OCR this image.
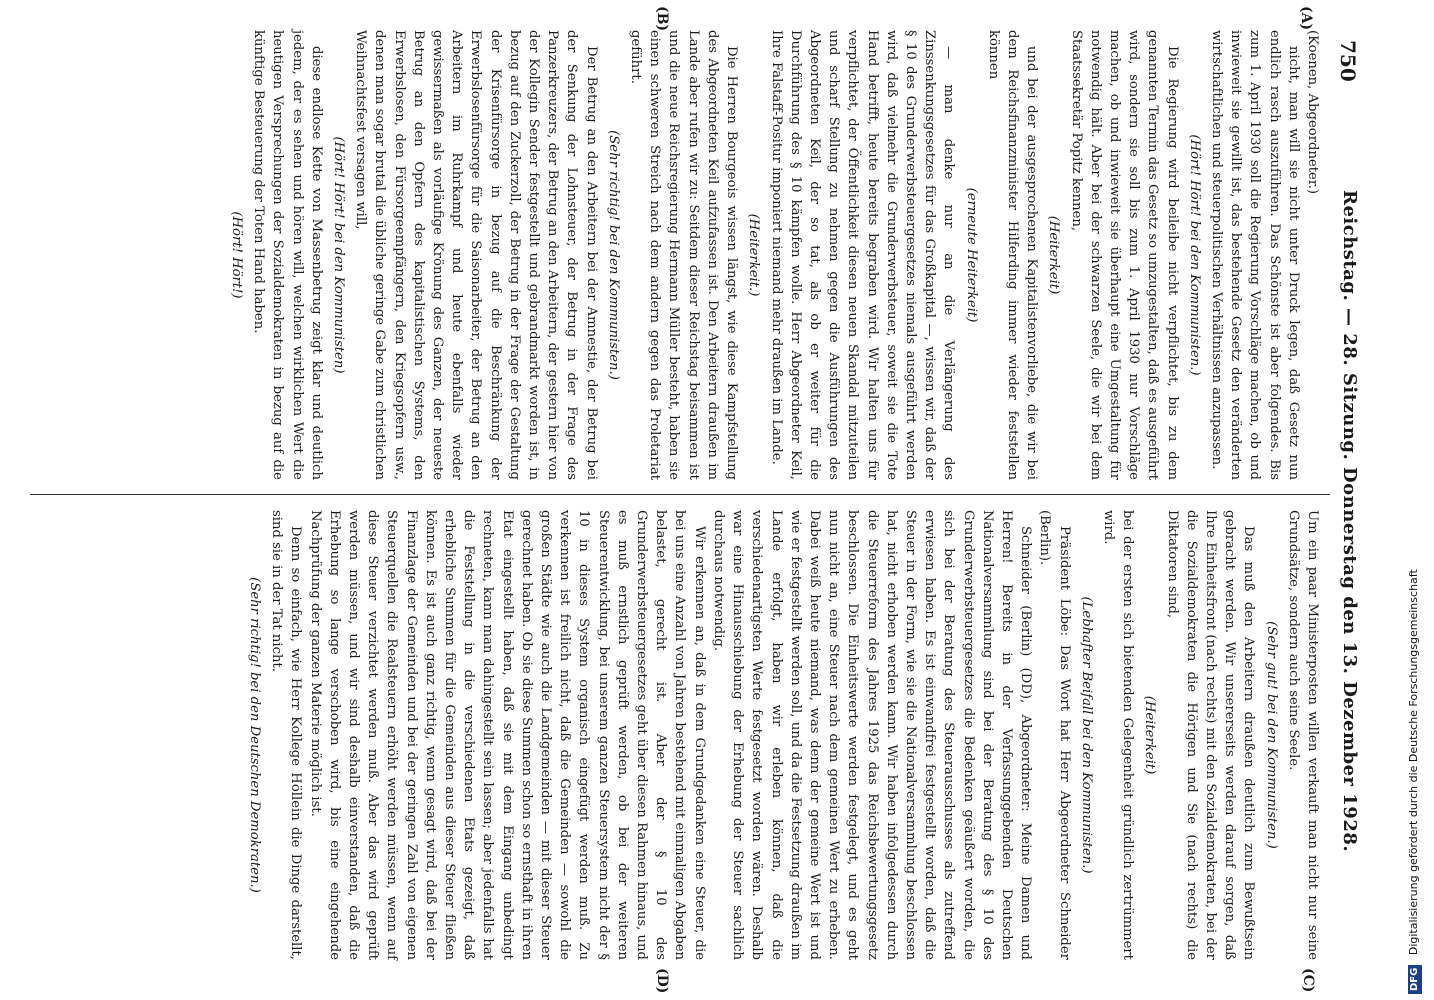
750
Reichstag. — 28. Sitzung. Donnerstag den 13. Dezember 1928.
(A)
(B)
(C)
(D)
(Koenen, Abgeordneter.)
nicht, man will sie nicht unter Druck legen, daß Gesetz nun endlich rasch auszuführen. Das Schönste ist aber folgendes. Bis zum 1. April 1930 soll die Regierung Vorschläge machen, ob und inwieweit sie gewillt ist, das bestehende Gesetz den veränderten wirtschaftlichen und steuerpolitischen Verhältnissen anzupassen.
(Hört! Hört! bei den Kommunisten.)
Die Regierung wird beileibe nicht verpflichtet, bis zu dem genannten Termin das Gesetz so umzugestalten, daß es ausgeführt wird, sondern sie soll bis zum 1. April 1930 nur Vorschläge machen, ob und inwieweit sie überhaupt eine Umgestaltung für notwendig hält. Aber bei der schwarzen Seele, die wir bei dem Staatssekretär Popitz kennen,
(Heiterkeit)
und bei der ausgesprochenen Kapitalistenvorliebe, die wir bei dem Reichsfinanzminister Hilferding immer wieder feststellen können
(erneute Heiterkeit)
— man denke nur an die Verlängerung des Zinssenkungsgesetzes für das Großkapital —, wissen wir, daß der § 10 des Grunderwerbsteuergesetzes niemals ausgeführt werden wird, daß vielmehr die Grunderwerbsteuer, soweit sie die Tote Hand betrifft, heute bereits begraben wird. Wir halten uns für verpflichtet, der Öffentlichkeit diesen neuen Skandal mitzuteilen und scharf Stellung zu nehmen gegen die Ausführungen des Abgeordneten Keil, der so tat, als ob er weiter für die Durchführung des § 10 kämpfen wolle. Herr Abgeordneter Keil, Ihre Falstaff-Positur imponiert niemand mehr draußen im Lande.
(Heiterkeit.)
Die Herren Bourgeois wissen längst, wie diese Kampfstellung des Abgeordneten Keil aufzufassen ist. Den Arbeitern draußen im Lande aber rufen wir zu: Seitdem dieser Reichstag beisammen ist und die neue Reichsregierung Hermann Müller besteht, haben sie einen schweren Streich nach dem andern gegen das Proletariat geführt.
(Sehr richtig! bei den Kommunisten.)
Der Betrug an den Arbeitern bei der Amnestie, der Betrug bei der Senkung der Lohnsteuer, der Betrug in der Frage des Panzerkreuzers, der Betrug an den Arbeitern, der gestern hier von der Kollegin Sender festgestellt und gebrandmarkt worden ist, in bezug auf den Zuckerzoll, der Betrug in der Frage der Gestaltung der Krisenfürsorge in bezug auf die Beschränkung der Erwerbslosenfürsorge für die Saisonarbeiter, der Betrug an den Arbeitern im Ruhrkampf und heute ebenfalls wieder gewissermaßen als vorläufige Krönung des Ganzen, der neueste Betrug an den Opfern des kapitalistischen Systems, den Erwerbslosen, den Fürsorgeempfängern, den Kriegsopfern usw., denen man sogar brutal die übliche geringe Gabe zum christlichen Weihnachtsfest versagen will,
(Hört! Hört! bei den Kommunisten)
diese endlose Kette von Massenbetrug zeigt klar und deutlich jedem, der es sehen und hören will, welchen wirklichen Wert die heutigen Versprechungen der Sozialdemokraten in bezug auf die künftige Besteuerung der Toten Hand haben.
(Hört! Hört!)
Um ein paar Ministerposten willen verkauft man nicht nur seine Grundsätze, sondern auch seine Seele.
(Sehr gut! bei den Kommunisten.)
Das muß den Arbeitern draußen deutlich zum Bewußtsein gebracht werden. Wir unsererseits werden darauf sorgen, daß Ihre Einheitsfront (nach rechts) mit den Sozialdemokraten, bei der die Sozialdemokraten die Hörigen und Sie (nach rechts) die Diktatoren sind,
(Heiterkeit)
bei der ersten sich bietenden Gelegenheit gründlich zertrümmert wird.
(Lebhafter Beifall bei den Kommunisten.)
Präsident Löbe: Das Wort hat Herr Abgeordneter Schneider (Berlin).
Schneider (Berlin) (DD), Abgeordneter: Meine Damen und Herren! Bereits in der Verfassunggebenden Deutschen Nationalversammlung sind bei der Beratung des § 10 des Grunderwerbsteuergesetzes die Bedenken geäußert worden, die sich bei der Beratung des Steuerausschusses als zutreffend erwiesen haben. Es ist einwandfrei festgestellt worden, daß die Steuer in der Form, wie sie die Nationalversammlung beschlossen hat, nicht erhoben werden kann. Wir haben infolgedessen durch die Steuerreform des Jahres 1925 das Reichsbewertungsgesetz beschlossen. Die Einheitswerte werden festgelegt, und es geht nun nicht an, eine Steuer nach dem gemeinen Wert zu erheben. Dabei weiß heute niemand, was denn der gemeine Wert ist und wie er festgestellt werden soll, und da die Festsetzung draußen im Lande erfolgt, haben wir erleben können, daß die verschiedenartigsten Werte festgesetzt worden wären. Deshalb war eine Hinausschiebung der Erhebung der Steuer sachlich durchaus notwendig.
Wir erkennen an, daß in dem Grundgedanken eine Steuer, die bei uns eine Anzahl von Jahren bestehend mit einmaligen Abgaben belastet, gerecht ist. Aber der § 10 des Grunderwerbsteuergesetzes geht über diesen Rahmen hinaus, und es muß ernstlich geprüft werden, ob bei der weiteren Steuerentwicklung, bei unserem ganzen Steuersystem nicht der § 10 in dieses System organisch eingefügt werden muß. Zu verkennen ist freilich nicht, daß die Gemeinden — sowohl die großen Städte wie auch die Landgemeinden — mit dieser Steuer gerechnet haben. Ob sie diese Summen schon so ernsthaft in ihren Etat eingestellt haben, daß sie mit dem Eingang unbedingt rechneten, kann man dahingestellt sein lassen; aber jedenfalls hat die Feststellung in die verschiedenen Etats gezeigt, daß erhebliche Summen für die Gemeinden aus dieser Steuer fließen können. Es ist auch ganz richtig, wenn gesagt wird, daß bei der Finanzlage der Gemeinden und bei der geringen Zahl von eigenen Steuerquellen die Realsteuern erhöht werden müssen, wenn auf diese Steuer verzichtet werden muß. Aber das wird geprüft werden müssen, und wir sind deshalb einverstanden, daß die Erhebung so lange verschoben wird, bis eine eingehende Nachprüfung der ganzen Materie möglich ist.
Denn so einfach, wie Herr Kollege Höllein die Dinge darstellt, sind sie in der Tat nicht.
(Sehr richtig! bei den Deutschen Demokraten.)
DFG Digitalisierung gefördert durch die Deutsche Forschungsgemeinschaft
